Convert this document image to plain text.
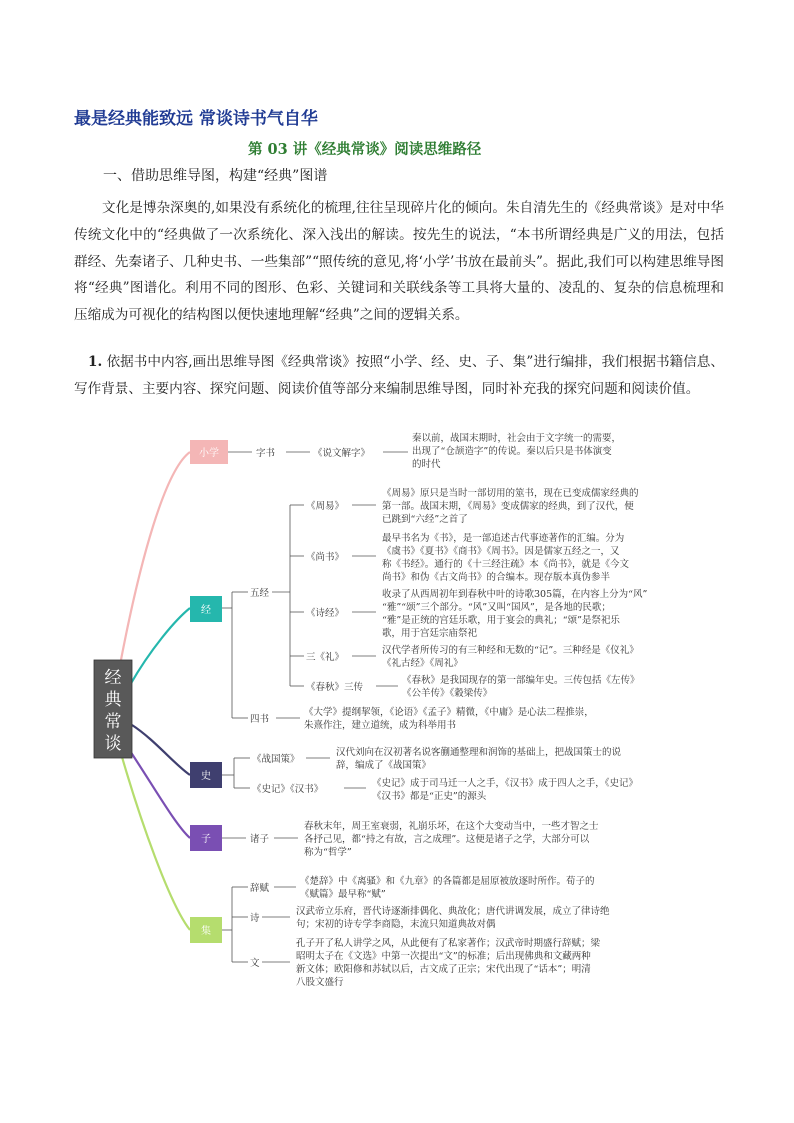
最是经典能致远 常谈诗书气自华
第 03 讲《经典常谈》阅读思维路径
一、借助思维导图，构建“经典”图谱
文化是博杂深奥的,如果没有系统化的梳理,往往呈现碎片化的倾向。朱自清先生的《经典常谈》是对中华传统文化中的“经典做了一次系统化、深入浅出的解读。按先生的说法，“本书所谓经典是广义的用法，包括群经、先秦诸子、几种史书、一些集部”“照传统的意见,将‘小学’书放在最前头”。据此,我们可以构建思维导图将“经典”图谱化。利用不同的图形、色彩、关键词和关联线条等工具将大量的、凌乱的、复杂的信息梳理和压缩成为可视化的结构图以便快速地理解“经典”之间的逻辑关系。
1. 依据书中内容,画出思维导图《经典常谈》按照“小学、经、史、子、集”进行编排，我们根据书籍信息、写作背景、主要内容、探究问题、阅读价值等部分来编制思维导图，同时补充我的探究问题和阅读价值。
经
典
常
谈
小学
经
史
子
集
字书	《说文解字》
秦以前，战国末期时，社会由于文字统一的需要，
出现了“仓颉造字”的传说。秦以后只是书体演变
的时代
五经
四书
《周易》
《周易》原只是当时一部切用的筮书，现在已变成儒家经典的
第一部。战国末期，《周易》变成儒家的经典，到了汉代，便
已跳到“六经”之首了
《尚书》
最早书名为《书》，是一部追述古代事迹著作的汇编。分为
《虞书》《夏书》《商书》《周书》。因是儒家五经之一，又
称《书经》。通行的《十三经注疏》本《尚书》，就是《今文
尚书》和伪《古文尚书》的合编本。现存版本真伪参半
《诗经》
收录了从西周初年到春秋中叶的诗歌305篇，在内容上分为“风”
“雅”“颂”三个部分。“风”又叫“国风”，是各地的民歌；
“雅”是正统的宫廷乐歌，用于宴会的典礼；“颂”是祭祀乐
歌，用于宫廷宗庙祭祀
三《礼》
汉代学者所传习的有三种经和无数的“记”。三种经是《仪礼》
《礼古经》《周礼》
《春秋》三传
《春秋》是我国现存的第一部编年史。三传包括《左传》
《公羊传》《穀梁传》
《大学》提纲挈领，《论语》《孟子》精微，《中庸》是心法二程推崇，
朱熹作注，建立道统，成为科举用书
《战国策》
汉代刘向在汉初著名说客蒯通整理和润饰的基础上，把战国策士的说
辞，编成了《战国策》
《史记》《汉书》
《史记》成于司马迁一人之手，《汉书》成于四人之手，《史记》
《汉书》都是“正史”的源头
诸子
春秋末年，周王室衰弱，礼崩乐坏，在这个大变动当中，一些才智之士
各抒己见，都“持之有故，言之成理”。这便是诸子之学，大部分可以
称为“哲学”
辞赋
《楚辞》中《离骚》和《九章》的各篇都是屈原被放逐时所作。荀子的
《赋篇》最早称“赋”
诗
汉武帝立乐府，晋代诗逐渐排偶化、典故化；唐代讲调发展，成立了律诗绝
句；宋初的诗专学李商隐，末流只知道典故对偶
文
孔子开了私人讲学之风，从此便有了私家著作；汉武帝时期盛行辞赋；梁
昭明太子在《文选》中第一次提出“文”的标准；后出现佛典和文藏两种
新文体；欧阳修和苏轼以后，古文成了正宗；宋代出现了“话本”；明清
八股文盛行
